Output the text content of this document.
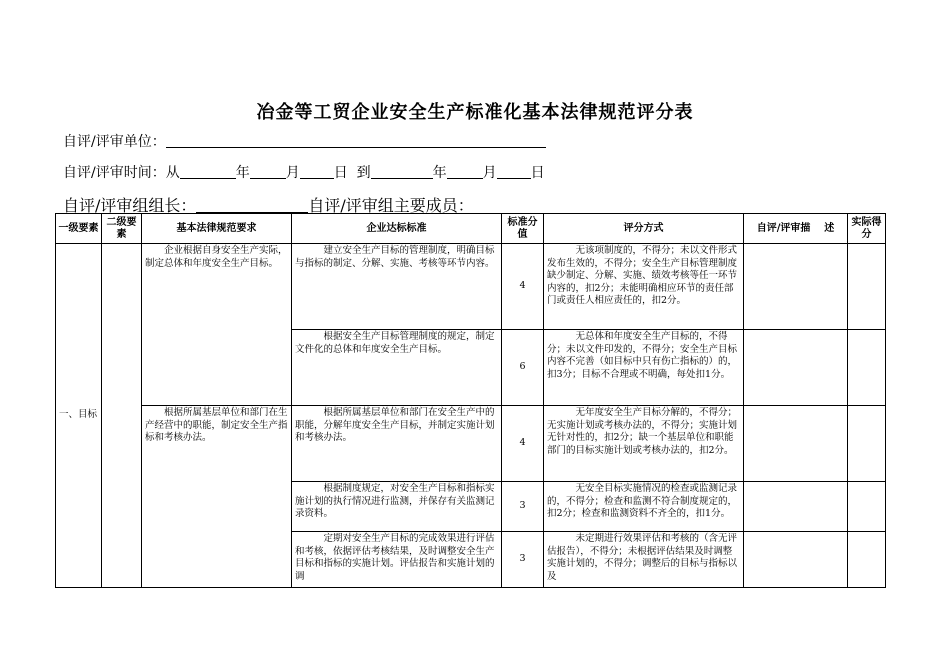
冶金等工贸企业安全生产标准化基本法律规范评分表
自评/评审单位：
自评/评审时间：从	年	月 日  到	年	月 日
自评/评审组组长：	自评/评审组主要成员：
一级要素	二级要素	基本法律规范要求	企业达标标准	标准分值	评分方式	自评/评审描    述	实际得分
一、目标		企业根据自身安全生产实际，制定总体和年度安全生产目标。	建立安全生产目标的管理制度，明确目标与指标的制定、分解、实施、考核等环节内容。	4	无该项制度的，不得分；未以文件形式发布生效的，不得分；安全生产目标管理制度缺少制定、分解、实施、绩效考核等任一环节内容的，扣2分；未能明确相应环节的责任部门或责任人相应责任的，扣2分。		

			根据安全生产目标管理制度的规定，制定文件化的总体和年度安全生产目标。	6	无总体和年度安全生产目标的，不得分；未以文件印发的，不得分；安全生产目标内容不完善（如目标中只有伤亡指标的）的，扣3分；目标不合理或不明确，每处扣1分。		

		根据所属基层单位和部门在生产经营中的职能，制定安全生产指标和考核办法。	根据所属基层单位和部门在安全生产中的职能，分解年度安全生产目标，并制定实施计划和考核办法。	4	无年度安全生产目标分解的，不得分；无实施计划或考核办法的，不得分；实施计划无针对性的，扣2分；缺一个基层单位和职能部门的目标实施计划或考核办法的，扣2分。		

			根据制度规定，对安全生产目标和指标实施计划的执行情况进行监测，并保存有关监测记录资料。	3	无安全目标实施情况的检查或监测记录的，不得分；检查和监测不符合制度规定的，扣2分；检查和监测资料不齐全的，扣1分。		

			定期对安全生产目标的完成效果进行评估和考核，依据评估考核结果，及时调整安全生产目标和指标的实施计划。评估报告和实施计划的调	3	未定期进行效果评估和考核的（含无评估报告），不得分；未根据评估结果及时调整实施计划的，不得分；调整后的目标与指标以及		
